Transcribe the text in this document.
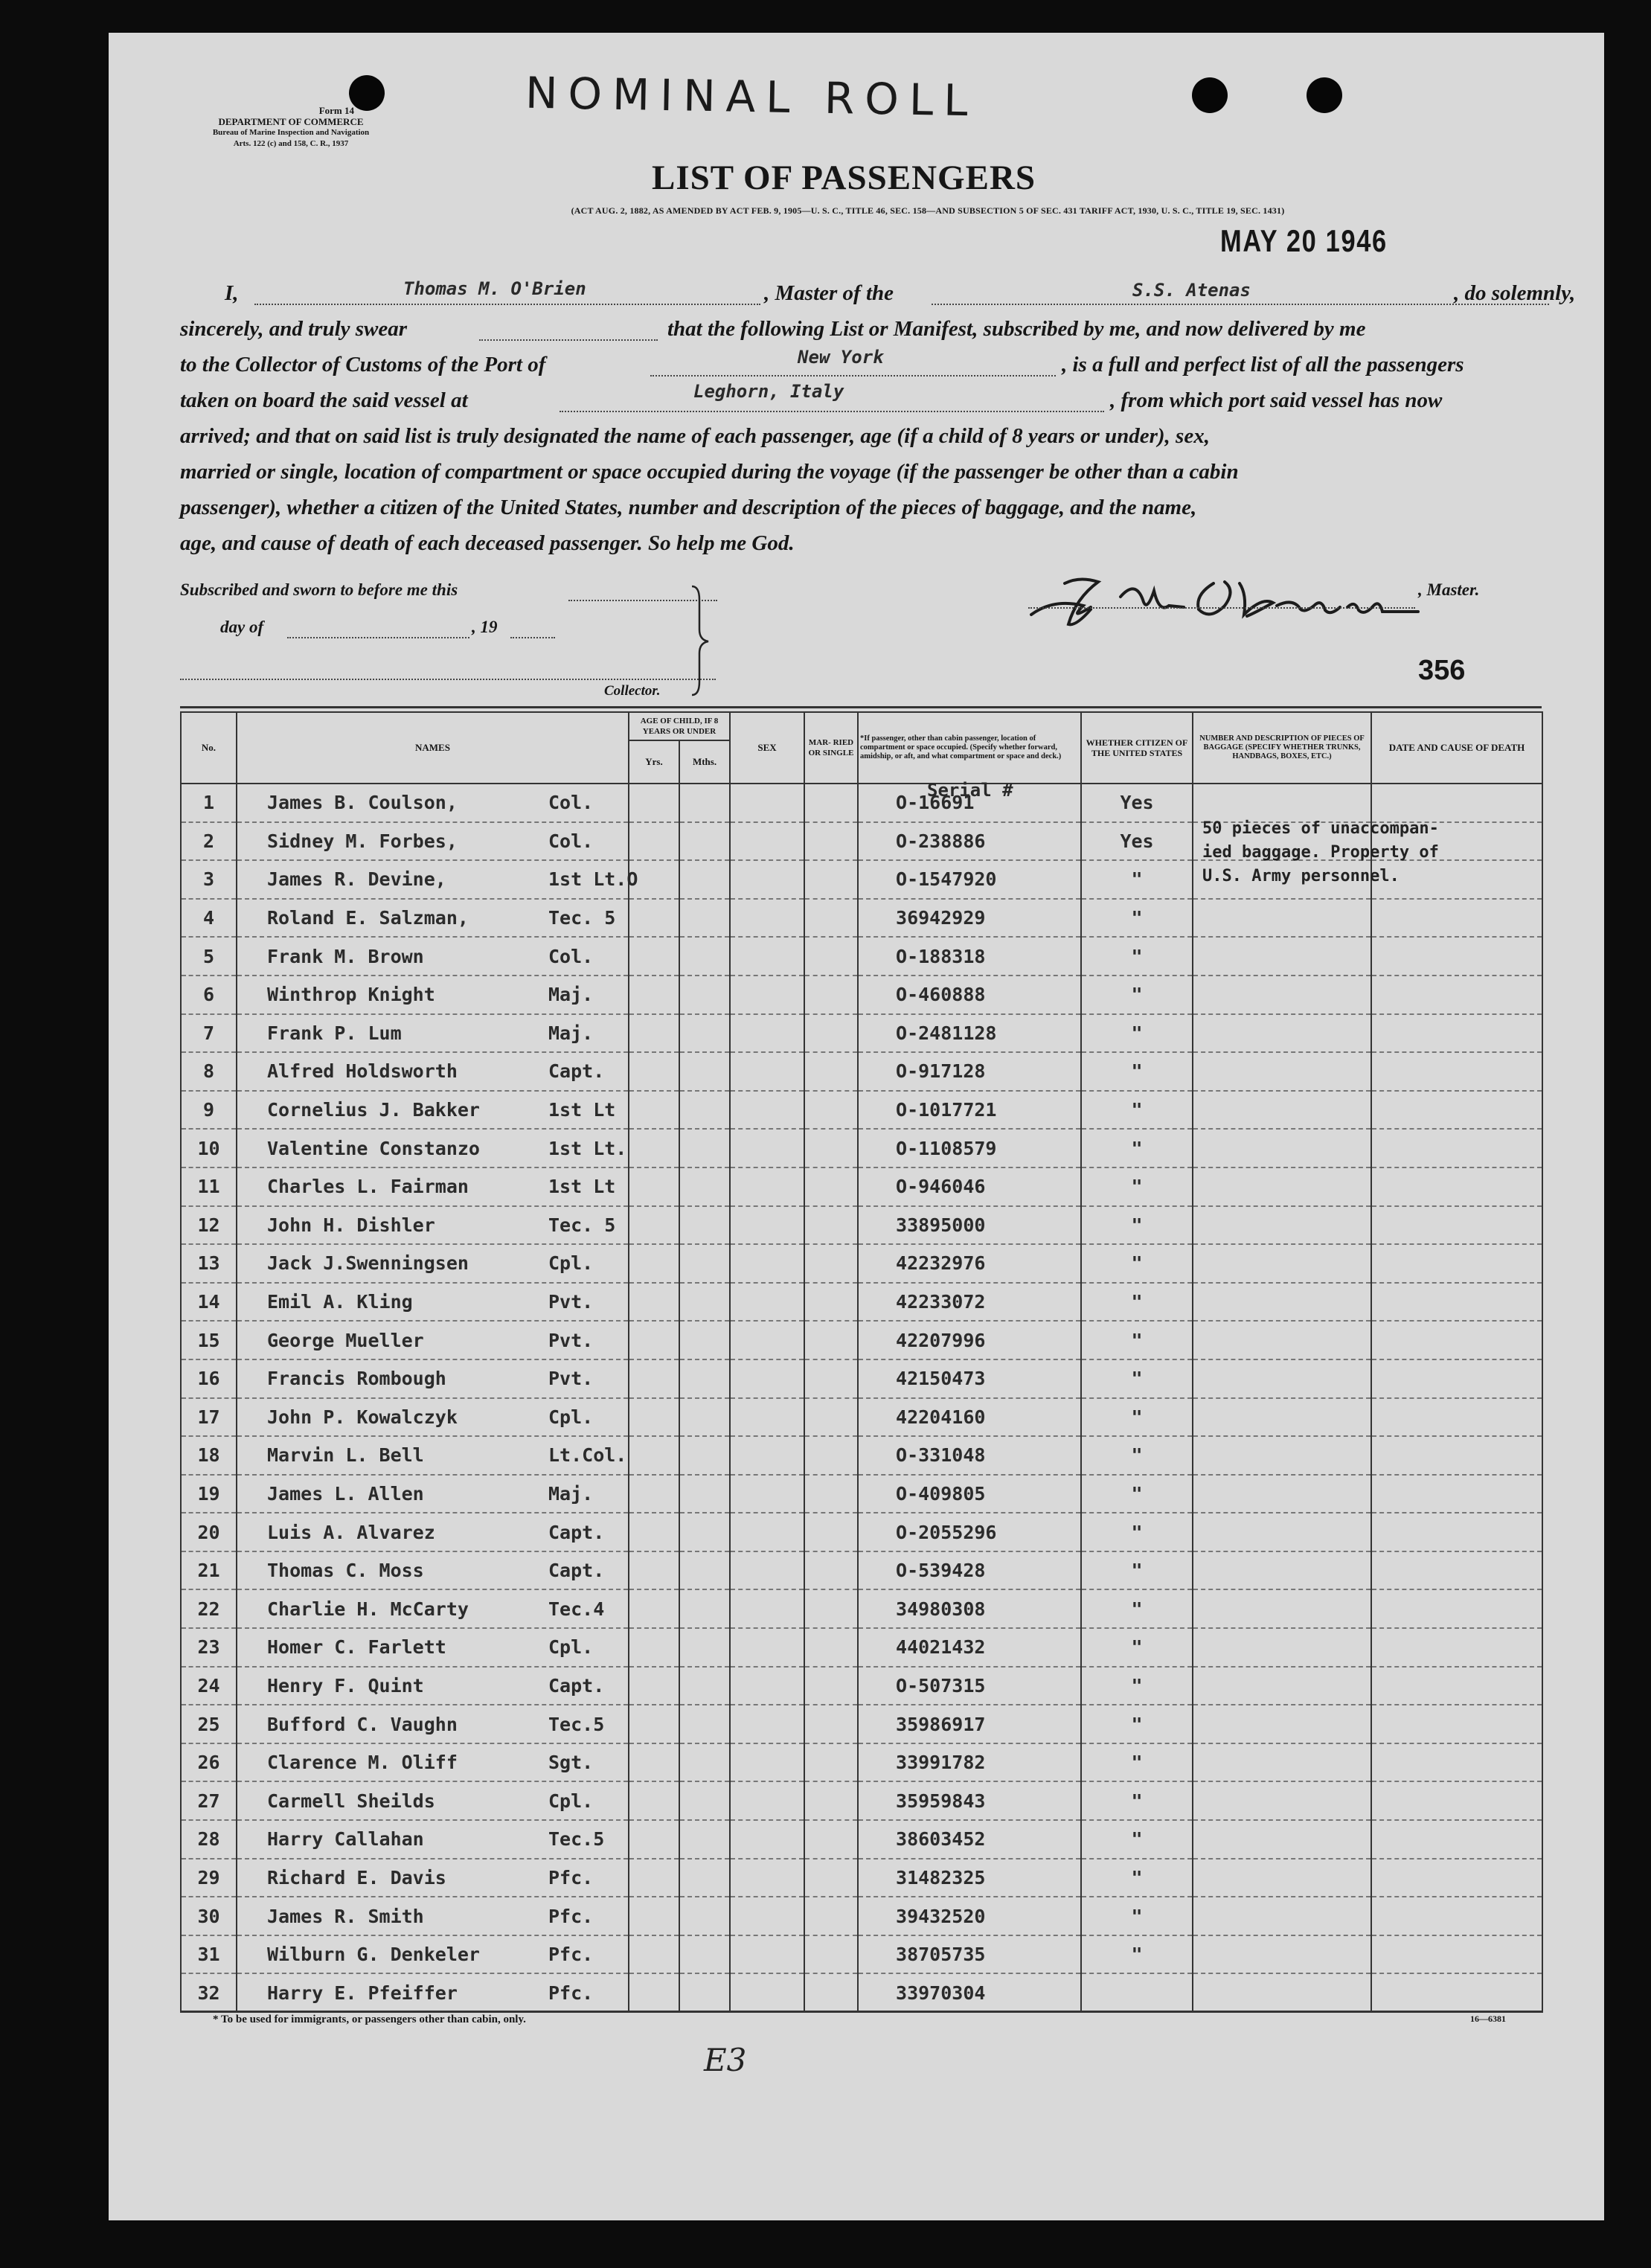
Form 14
DEPARTMENT OF COMMERCE
Bureau of Marine Inspection and Navigation
Arts. 122 (c) and 158, C. R., 1937
NOMINAL ROLL
LIST OF PASSENGERS
(ACT AUG. 2, 1882, AS AMENDED BY ACT FEB. 9, 1905—U. S. C., TITLE 46, SEC. 158—AND SUBSECTION 5 OF SEC. 431 TARIFF ACT, 1930, U. S. C., TITLE 19, SEC. 1431)
MAY 20 1946
I,	Thomas M. O'Brien	, Master of the	S.S. Atenas	, do solemnly,
sincerely, and truly swear	that the following List or Manifest, subscribed by me, and now delivered by me
to the Collector of Customs of the Port of	New York	, is a full and perfect list of all the passengers
taken on board the said vessel at	Leghorn, Italy	, from which port said vessel has now
arrived; and that on said list is truly designated the name of each passenger, age (if a child of 8 years or under), sex,
married or single, location of compartment or space occupied during the voyage (if the passenger be other than a cabin
passenger), whether a citizen of the United States, number and description of the pieces of baggage, and the name,
age, and cause of death of each deceased passenger. So help me God.
Subscribed and sworn to before me this
day of	, 19
Collector.
, Master.
356
No.	NAMES	AGE OF CHILD, IF 8 YEARS OR UNDER		SEX	MAR- RIED OR SINGLE	*If passenger, other than cabin passenger, location of compartment or space occupied. (Specify whether forward, amidship, or aft, and what compartment or space and deck.)	WHETHER CITIZEN OF THE UNITED STATES	NUMBER AND DESCRIPTION OF PIECES OF BAGGAGE (SPECIFY WHETHER TRUNKS, HANDBAGS, BOXES, ETC.)	DATE AND CAUSE OF DEATH
		Yrs.	Mths.						
1	James B. Coulson, Col.					O-16691	Yes		
2	Sidney M. Forbes, Col.					O-238886	Yes		
3	James R. Devine, 1st Lt.O					O-1547920	"		
4	Roland E. Salzman, Tec. 5					36942929	"		
5	Frank M. Brown Col.					O-188318	"		
6	Winthrop Knight Maj.					O-460888	"		
7	Frank P. Lum Maj.					O-2481128	"		
8	Alfred Holdsworth Capt.					O-917128	"		
9	Cornelius J. Bakker 1st Lt					O-1017721	"		
10	Valentine Constanzo 1st Lt.					O-1108579	"		
11	Charles L. Fairman 1st Lt					O-946046	"		
12	John H. Dishler Tec. 5					33895000	"		
13	Jack J.Swenningsen Cpl.					42232976	"		
14	Emil A. Kling Pvt.					42233072	"		
15	George Mueller Pvt.					42207996	"		
16	Francis Rombough Pvt.					42150473	"		
17	John P. Kowalczyk Cpl.					42204160	"		
18	Marvin L. Bell Lt.Col.					O-331048	"		
19	James L. Allen Maj.					O-409805	"		
20	Luis A. Alvarez Capt.					O-2055296	"		
21	Thomas C. Moss Capt.					O-539428	"		
22	Charlie H. McCarty Tec.4					34980308	"		
23	Homer C. Farlett Cpl.					44021432	"		
24	Henry F. Quint Capt.					O-507315	"		
25	Bufford C. Vaughn Tec.5					35986917	"		
26	Clarence M. Oliff Sgt.					33991782	"		
27	Carmell Sheilds Cpl.					35959843	"		
28	Harry Callahan Tec.5					38603452	"		
29	Richard E. Davis Pfc.					31482325	"		
30	James R. Smith Pfc.					39432520	"		
31	Wilburn G. Denkeler Pfc.					38705735	"		
32	Harry E. Pfeiffer Pfc.					33970304			
Serial #
50 pieces of unaccompan-
ied baggage. Property of
U.S. Army personnel.
* To be used for immigrants, or passengers other than cabin, only.	16—6381
E3
